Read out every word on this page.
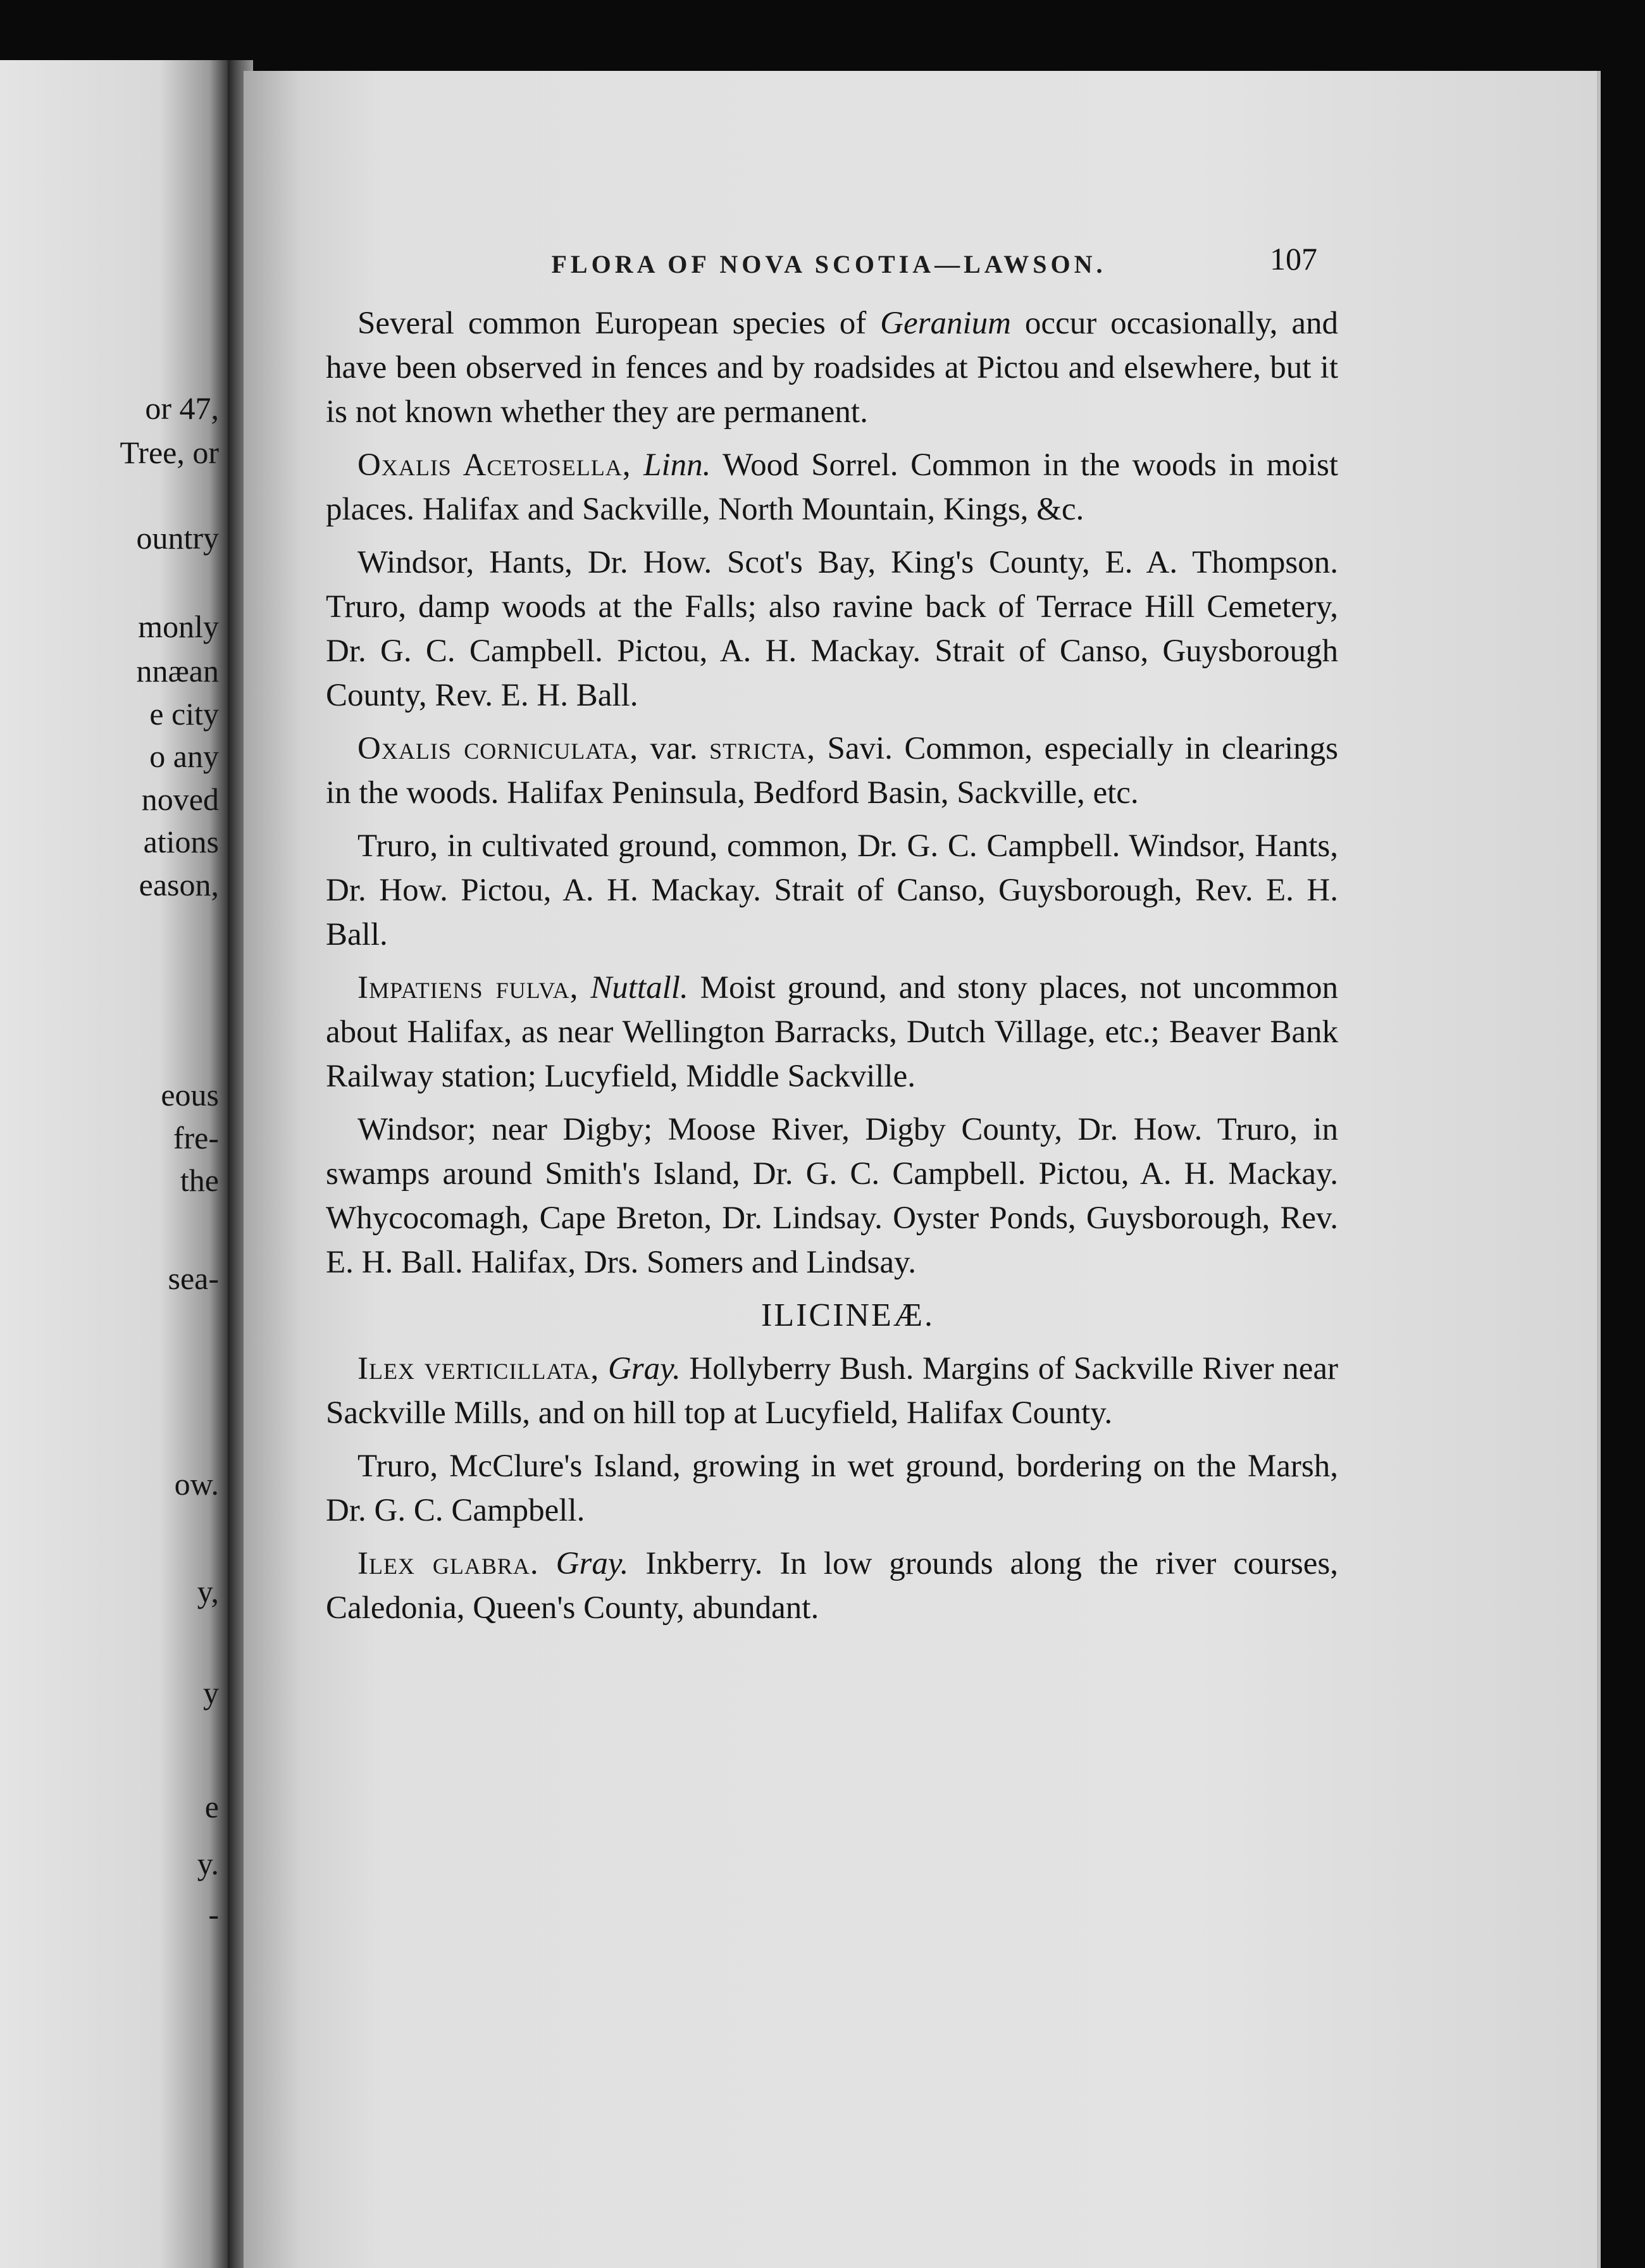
or 47,
Tree, or
ountry
monly
nnæan
e city
o any
noved
ations
eason,
eous
fre-
the
sea-
ow.
y,
y
e
y.
-
FLORA OF NOVA SCOTIA—LAWSON.	107

Several common European species of Geranium occur occasionally, and have been observed in fences and by roadsides at Pictou and elsewhere, but it is not known whether they are permanent.

Oxalis Acetosella, Linn. Wood Sorrel. Common in the woods in moist places. Halifax and Sackville, North Mountain, Kings, &c.

Windsor, Hants, Dr. How. Scot's Bay, King's County, E. A. Thompson. Truro, damp woods at the Falls; also ravine back of Terrace Hill Cemetery, Dr. G. C. Campbell. Pictou, A. H. Mackay. Strait of Canso, Guysborough County, Rev. E. H. Ball.

Oxalis corniculata, var. stricta, Savi. Common, especially in clearings in the woods. Halifax Peninsula, Bedford Basin, Sackville, etc.

Truro, in cultivated ground, common, Dr. G. C. Campbell. Windsor, Hants, Dr. How. Pictou, A. H. Mackay. Strait of Canso, Guysborough, Rev. E. H. Ball.

Impatiens fulva, Nuttall. Moist ground, and stony places, not uncommon about Halifax, as near Wellington Barracks, Dutch Village, etc.; Beaver Bank Railway station; Lucyfield, Middle Sackville.

Windsor; near Digby; Moose River, Digby County, Dr. How. Truro, in swamps around Smith's Island, Dr. G. C. Campbell. Pictou, A. H. Mackay. Whycocomagh, Cape Breton, Dr. Lindsay. Oyster Ponds, Guysborough, Rev. E. H. Ball. Halifax, Drs. Somers and Lindsay.

ILICINEÆ.

Ilex verticillata, Gray. Hollyberry Bush. Margins of Sackville River near Sackville Mills, and on hill top at Lucyfield, Halifax County.

Truro, McClure's Island, growing in wet ground, bordering on the Marsh, Dr. G. C. Campbell.

Ilex glabra. Gray. Inkberry. In low grounds along the river courses, Caledonia, Queen's County, abundant.
